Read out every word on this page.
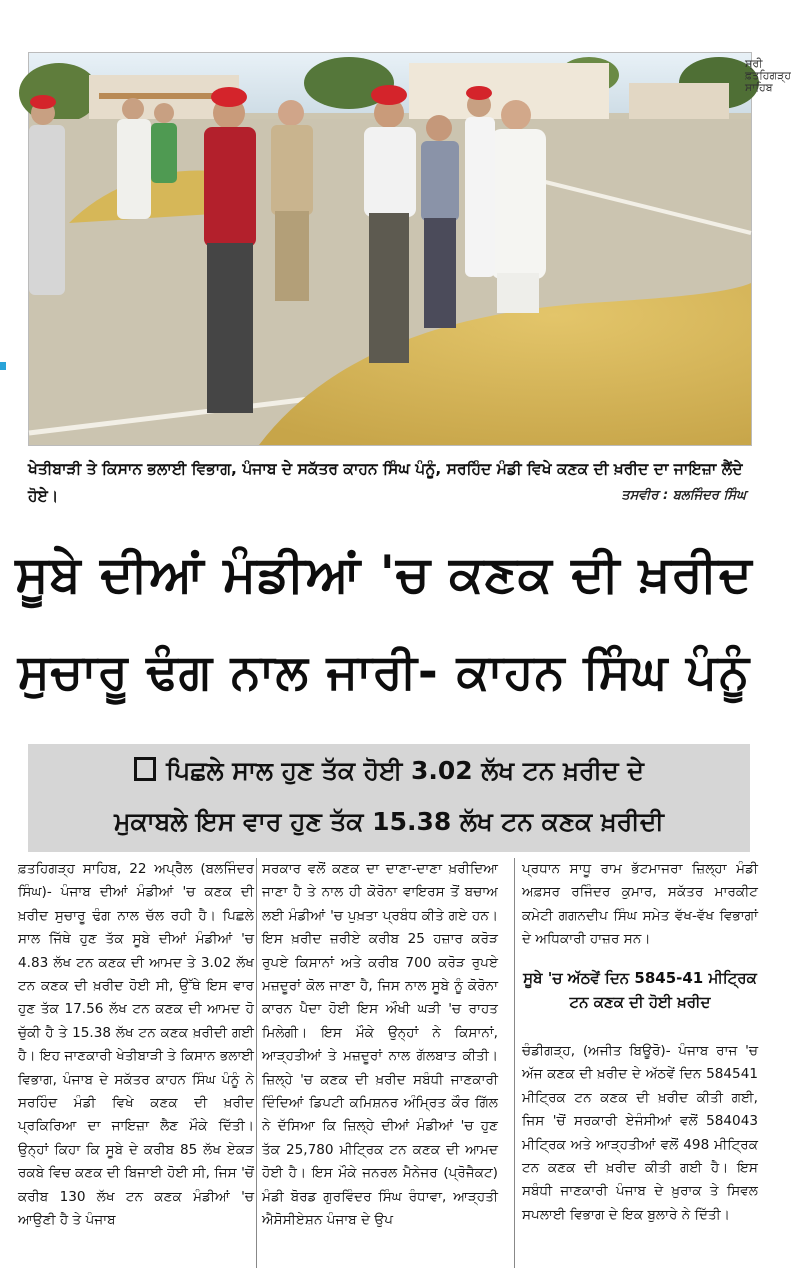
ਸ੍ਰੀ ਫ਼ਤਹਿਗੜ੍ਹ ਸਾਹਿਬ
ਖੇਤੀਬਾੜੀ ਤੇ ਕਿਸਾਨ ਭਲਾਈ ਵਿਭਾਗ, ਪੰਜਾਬ ਦੇ ਸਕੱਤਰ ਕਾਹਨ ਸਿੰਘ ਪੰਨੂੰ, ਸਰਹਿੰਦ ਮੰਡੀ ਵਿਖੇ ਕਣਕ ਦੀ ਖ਼ਰੀਦ ਦਾ ਜਾਇਜ਼ਾ ਲੈਂਦੇ ਹੋਏ।	ਤਸਵੀਰ : ਬਲਜਿੰਦਰ ਸਿੰਘ
ਸੂਬੇ ਦੀਆਂ ਮੰਡੀਆਂ 'ਚ ਕਣਕ ਦੀ ਖ਼ਰੀਦ
ਸੁਚਾਰੂ ਢੰਗ ਨਾਲ ਜਾਰੀ- ਕਾਹਨ ਸਿੰਘ ਪੰਨੂੰ
ਪਿਛਲੇ ਸਾਲ ਹੁਣ ਤੱਕ ਹੋਈ 3.02 ਲੱਖ ਟਨ ਖ਼ਰੀਦ ਦੇ
ਮੁਕਾਬਲੇ ਇਸ ਵਾਰ ਹੁਣ ਤੱਕ 15.38 ਲੱਖ ਟਨ ਕਣਕ ਖ਼ਰੀਦੀ

ਫ਼ਤਹਿਗੜ੍ਹ ਸਾਹਿਬ, 22 ਅਪ੍ਰੈਲ (ਬਲਜਿੰਦਰ ਸਿੰਘ)- ਪੰਜਾਬ ਦੀਆਂ ਮੰਡੀਆਂ 'ਚ ਕਣਕ ਦੀ ਖ਼ਰੀਦ ਸੁਚਾਰੂ ਢੰਗ ਨਾਲ ਚੱਲ ਰਹੀ ਹੈ। ਪਿਛਲੇ ਸਾਲ ਜਿੱਥੇ ਹੁਣ ਤੱਕ ਸੂਬੇ ਦੀਆਂ ਮੰਡੀਆਂ 'ਚ 4.83 ਲੱਖ ਟਨ ਕਣਕ ਦੀ ਆਮਦ ਤੇ 3.02 ਲੱਖ ਟਨ ਕਣਕ ਦੀ ਖ਼ਰੀਦ ਹੋਈ ਸੀ, ਉੱਥੇ ਇਸ ਵਾਰ ਹੁਣ ਤੱਕ 17.56 ਲੱਖ ਟਨ ਕਣਕ ਦੀ ਆਮਦ ਹੋ ਚੁੱਕੀ ਹੈ ਤੇ 15.38 ਲੱਖ ਟਨ ਕਣਕ ਖ਼ਰੀਦੀ ਗਈ ਹੈ। ਇਹ ਜਾਣਕਾਰੀ ਖੇਤੀਬਾੜੀ ਤੇ ਕਿਸਾਨ ਭਲਾਈ ਵਿਭਾਗ, ਪੰਜਾਬ ਦੇ ਸਕੱਤਰ ਕਾਹਨ ਸਿੰਘ ਪੰਨੂੰ ਨੇ ਸਰਹਿੰਦ ਮੰਡੀ ਵਿਖੇ ਕਣਕ ਦੀ ਖ਼ਰੀਦ ਪ੍ਰਕਿਰਿਆ ਦਾ ਜਾਇਜ਼ਾ ਲੈਣ ਮੌਕੇ ਦਿੱਤੀ। ਉਨ੍ਹਾਂ ਕਿਹਾ ਕਿ ਸੂਬੇ ਦੇ ਕਰੀਬ 85 ਲੱਖ ਏਕੜ ਰਕਬੇ ਵਿਚ ਕਣਕ ਦੀ ਬਿਜਾਈ ਹੋਈ ਸੀ, ਜਿਸ 'ਚੋਂ ਕਰੀਬ 130 ਲੱਖ ਟਨ ਕਣਕ ਮੰਡੀਆਂ 'ਚ ਆਉਣੀ ਹੈ ਤੇ ਪੰਜਾਬ

ਸਰਕਾਰ ਵਲੋਂ ਕਣਕ ਦਾ ਦਾਣਾ-ਦਾਣਾ ਖ਼ਰੀਦਿਆ ਜਾਣਾ ਹੈ ਤੇ ਨਾਲ ਹੀ ਕੋਰੋਨਾ ਵਾਇਰਸ ਤੋਂ ਬਚਾਅ ਲਈ ਮੰਡੀਆਂ 'ਚ ਪੁਖ਼ਤਾ ਪ੍ਰਬੰਧ ਕੀਤੇ ਗਏ ਹਨ। ਇਸ ਖ਼ਰੀਦ ਜ਼ਰੀਏ ਕਰੀਬ 25 ਹਜ਼ਾਰ ਕਰੋੜ ਰੁਪਏ ਕਿਸਾਨਾਂ ਅਤੇ ਕਰੀਬ 700 ਕਰੋੜ ਰੁਪਏ ਮਜ਼ਦੂਰਾਂ ਕੋਲ ਜਾਣਾ ਹੈ, ਜਿਸ ਨਾਲ ਸੂਬੇ ਨੂੰ ਕੋਰੋਨਾ ਕਾਰਨ ਪੈਦਾ ਹੋਈ ਇਸ ਔਖੀ ਘੜੀ 'ਚ ਰਾਹਤ ਮਿਲੇਗੀ। ਇਸ ਮੌਕੇ ਉਨ੍ਹਾਂ ਨੇ ਕਿਸਾਨਾਂ, ਆੜ੍ਹਤੀਆਂ ਤੇ ਮਜ਼ਦੂਰਾਂ ਨਾਲ ਗੱਲਬਾਤ ਕੀਤੀ। ਜ਼ਿਲ੍ਹੇ 'ਚ ਕਣਕ ਦੀ ਖ਼ਰੀਦ ਸਬੰਧੀ ਜਾਣਕਾਰੀ ਦਿੰਦਿਆਂ ਡਿਪਟੀ ਕਮਿਸ਼ਨਰ ਅੰਮ੍ਰਿਤ ਕੌਰ ਗਿੱਲ ਨੇ ਦੱਸਿਆ ਕਿ ਜ਼ਿਲ੍ਹੇ ਦੀਆਂ ਮੰਡੀਆਂ 'ਚ ਹੁਣ ਤੱਕ 25,780 ਮੀਟ੍ਰਿਕ ਟਨ ਕਣਕ ਦੀ ਆਮਦ ਹੋਈ ਹੈ। ਇਸ ਮੌਕੇ ਜਨਰਲ ਮੈਨੇਜਰ (ਪ੍ਰੋਜੈਕਟ) ਮੰਡੀ ਬੋਰਡ ਗੁਰਵਿੰਦਰ ਸਿੰਘ ਰੰਧਾਵਾ, ਆੜ੍ਹਤੀ ਐਸੋਸੀਏਸ਼ਨ ਪੰਜਾਬ ਦੇ ਉਪ

ਪ੍ਰਧਾਨ ਸਾਧੂ ਰਾਮ ਭੱਟਮਾਜਰਾ ਜ਼ਿਲ੍ਹਾ ਮੰਡੀ ਅਫ਼ਸਰ ਰਜਿੰਦਰ ਕੁਮਾਰ, ਸਕੱਤਰ ਮਾਰਕੀਟ ਕਮੇਟੀ ਗਗਨਦੀਪ ਸਿੰਘ ਸਮੇਤ ਵੱਖ-ਵੱਖ ਵਿਭਾਗਾਂ ਦੇ ਅਧਿਕਾਰੀ ਹਾਜ਼ਰ ਸਨ।

ਸੂਬੇ 'ਚ ਅੱਠਵੇਂ ਦਿਨ 5845-41 ਮੀਟ੍ਰਿਕ ਟਨ ਕਣਕ ਦੀ ਹੋਈ ਖ਼ਰੀਦ

ਚੰਡੀਗੜ੍ਹ, (ਅਜੀਤ ਬਿਊਰੋ)- ਪੰਜਾਬ ਰਾਜ 'ਚ ਅੱਜ ਕਣਕ ਦੀ ਖ਼ਰੀਦ ਦੇ ਅੱਠਵੇਂ ਦਿਨ 584541 ਮੀਟ੍ਰਿਕ ਟਨ ਕਣਕ ਦੀ ਖ਼ਰੀਦ ਕੀਤੀ ਗਈ, ਜਿਸ 'ਚੋਂ ਸਰਕਾਰੀ ਏਜੰਸੀਆਂ ਵਲੋਂ 584043 ਮੀਟ੍ਰਿਕ ਅਤੇ ਆੜ੍ਹਤੀਆਂ ਵਲੋਂ 498 ਮੀਟ੍ਰਿਕ ਟਨ ਕਣਕ ਦੀ ਖ਼ਰੀਦ ਕੀਤੀ ਗਈ ਹੈ। ਇਸ ਸਬੰਧੀ ਜਾਣਕਾਰੀ ਪੰਜਾਬ ਦੇ ਖ਼ੁਰਾਕ ਤੇ ਸਿਵਲ ਸਪਲਾਈ ਵਿਭਾਗ ਦੇ ਇਕ ਬੁਲਾਰੇ ਨੇ ਦਿੱਤੀ।
